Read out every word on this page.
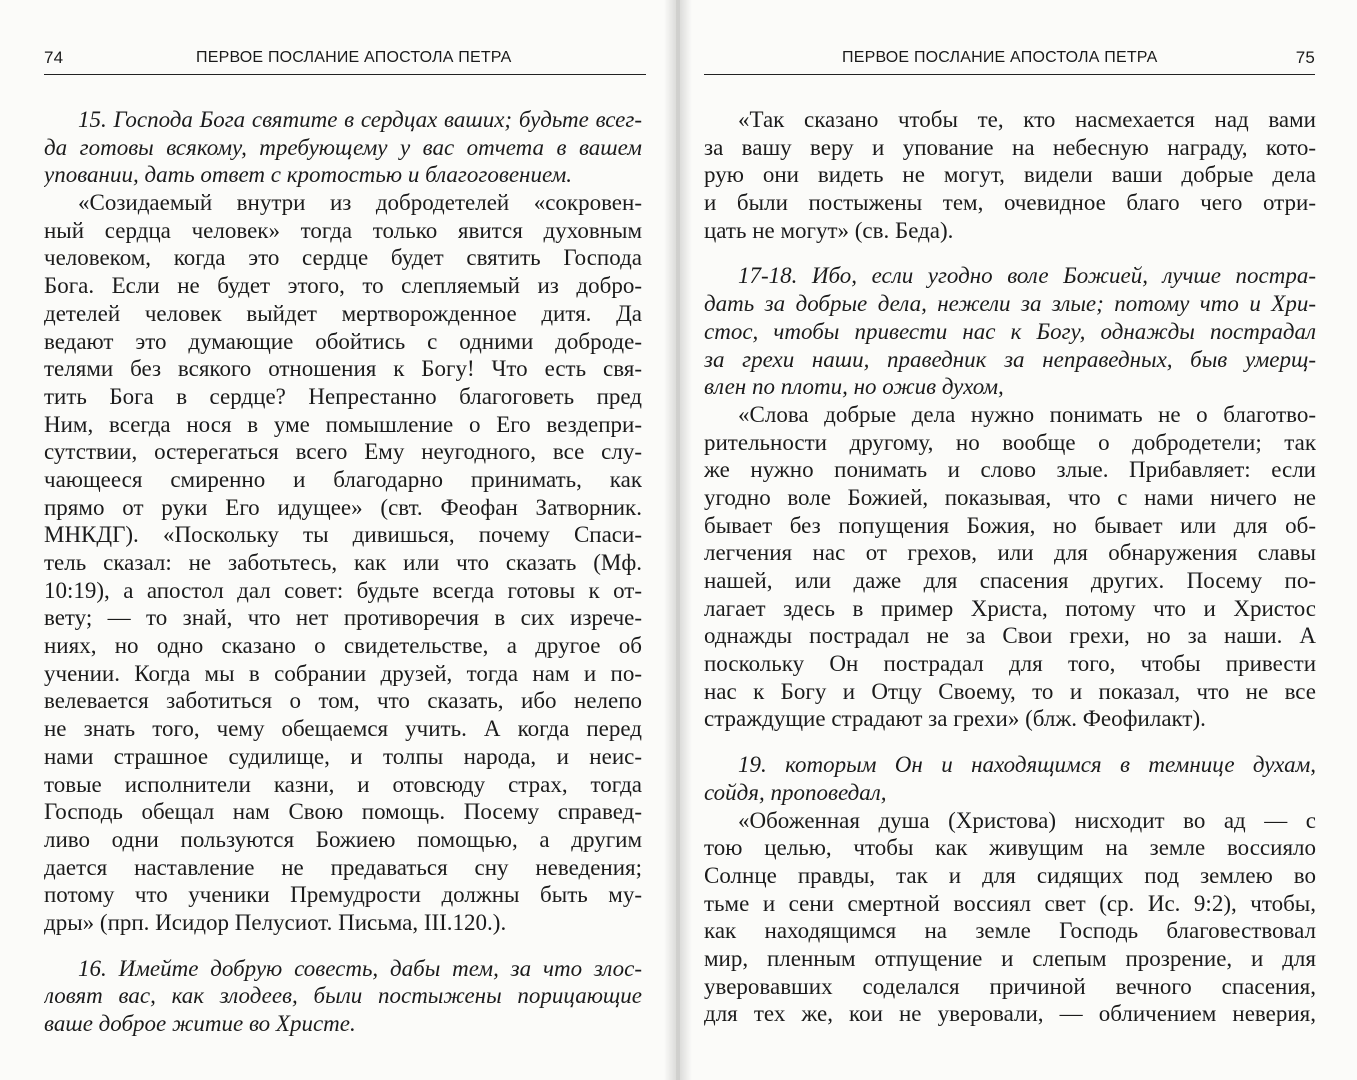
74	ПЕРВОЕ ПОСЛАНИЕ АПОСТОЛА ПЕТРА
15. Господа Бога святите в сердцах ваших; будьте всег-
да готовы всякому, требующему у вас отчета в вашем
уповании, дать ответ с кротостью и благоговением.
«Созидаемый внутри из добродетелей «сокровен-
ный сердца человек» тогда только явится духовным
человеком, когда это сердце будет святить Господа
Бога. Если не будет этого, то слепляемый из добро-
детелей человек выйдет мертворожденное дитя. Да
ведают это думающие обойтись с одними доброде-
телями без всякого отношения к Богу! Что есть свя-
тить Бога в сердце? Непрестанно благоговеть пред
Ним, всегда нося в уме помышление о Его вездепри-
сутствии, остерегаться всего Ему неугодного, все слу-
чающееся смиренно и благодарно принимать, как
прямо от руки Его идущее» (свт. Феофан Затворник.
МНКДГ). «Поскольку ты дивишься, почему Спаси-
тель сказал: не заботьтесь, как или что сказать (Мф.
10:19), а апостол дал совет: будьте всегда готовы к от-
вету; — то знай, что нет противоречия в сих изрече-
ниях, но одно сказано о свидетельстве, а другое об
учении. Когда мы в собрании друзей, тогда нам и по-
велевается заботиться о том, что сказать, ибо нелепо
не знать того, чему обещаемся учить. А когда перед
нами страшное судилище, и толпы народа, и неис-
товые исполнители казни, и отовсюду страх, тогда
Господь обещал нам Свою помощь. Посему справед-
ливо одни пользуются Божиею помощью, а другим
дается наставление не предаваться сну неведения;
потому что ученики Премудрости должны быть му-
дры» (прп. Исидор Пелусиот. Письма, III.120.).
16. Имейте добрую совесть, дабы тем, за что злос-
ловят вас, как злодеев, были постыжены порицающие
ваше доброе житие во Христе.
ПЕРВОЕ ПОСЛАНИЕ АПОСТОЛА ПЕТРА	75
«Так сказано чтобы те, кто насмехается над вами
за вашу веру и упование на небесную награду, кото-
рую они видеть не могут, видели ваши добрые дела
и были постыжены тем, очевидное благо чего отри-
цать не могут» (св. Беда).
17-18. Ибо, если угодно воле Божией, лучше постра-
дать за добрые дела, нежели за злые; потому что и Хри-
стос, чтобы привести нас к Богу, однажды пострадал
за грехи наши, праведник за неправедных, быв умерщ-
влен по плоти, но ожив духом,
«Слова добрые дела нужно понимать не о благотво-
рительности другому, но вообще о добродетели; так
же нужно понимать и слово злые. Прибавляет: если
угодно воле Божией, показывая, что с нами ничего не
бывает без попущения Божия, но бывает или для об-
легчения нас от грехов, или для обнаружения славы
нашей, или даже для спасения других. Посему по-
лагает здесь в пример Христа, потому что и Христос
однажды пострадал не за Свои грехи, но за наши. А
поскольку Он пострадал для того, чтобы привести
нас к Богу и Отцу Своему, то и показал, что не все
страждущие страдают за грехи» (блж. Феофилакт).
19. которым Он и находящимся в темнице духам,
сойдя, проповедал,
«Обоженная душа (Христова) нисходит во ад — с
тою целью, чтобы как живущим на земле воссияло
Солнце правды, так и для сидящих под землею во
тьме и сени смертной воссиял свет (ср. Ис. 9:2), чтобы,
как находящимся на земле Господь благовествовал
мир, пленным отпущение и слепым прозрение, и для
уверовавших соделался причиной вечного спасения,
для тех же, кои не уверовали, — обличением неверия,
